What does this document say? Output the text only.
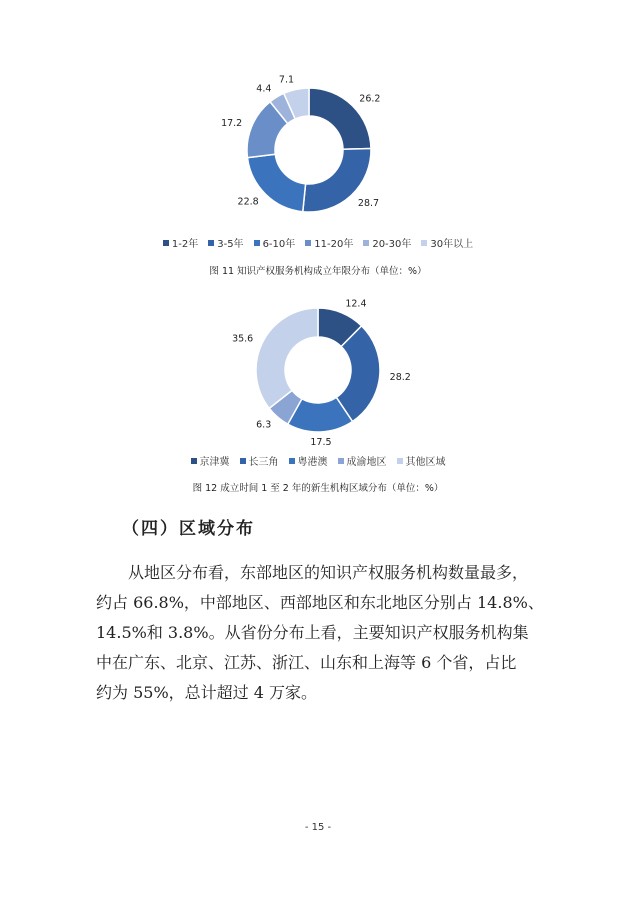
26.2
28.7
22.8
17.2
4.4
7.1
1-2年 3-5年 6-10年 11-20年 20-30年 30年以上
图 11 知识产权服务机构成立年限分布（单位：%）
12.4
28.2
17.5
6.3
35.6
京津冀 长三角 粤港澳 成渝地区 其他区域
图 12 成立时间 1 至 2 年的新生机构区域分布（单位：%）
（四）区域分布
从地区分布看，东部地区的知识产权服务机构数量最多，
约占 66.8%，中部地区、西部地区和东北地区分别占 14.8%、
14.5%和 3.8%。从省份分布上看，主要知识产权服务机构集
中在广东、北京、江苏、浙江、山东和上海等 6 个省，占比
约为 55%，总计超过 4 万家。
- 15 -
